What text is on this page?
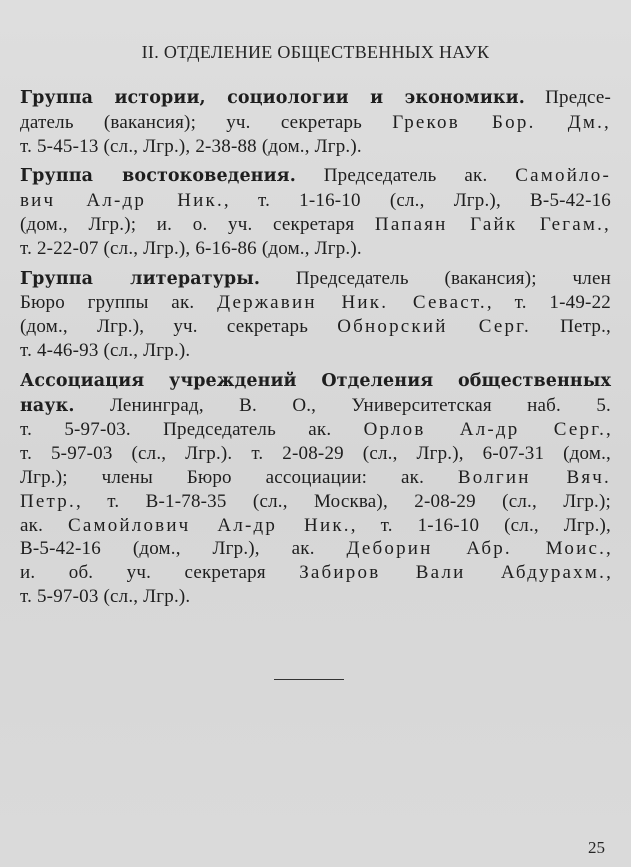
II. ОТДЕЛЕНИЕ ОБЩЕСТВЕННЫХ НАУК
Группа истории, социологии и экономики. Предсе-
датель (вакансия); уч. секретарь Греков Бор. Дм.,
т. 5-45-13 (сл., Лгр.), 2-38-88 (дом., Лгр.).
Группа востоковедения. Председатель ак. Самойло-
вич Ал-др Ник., т. 1-16-10 (сл., Лгр.), В-5-42-16
(дом., Лгр.); и. о. уч. секретаря Папаян Гайк Гегам.,
т. 2-22-07 (сл., Лгр.), 6-16-86 (дом., Лгр.).
Группа литературы. Председатель (вакансия); член
Бюро группы ак. Державин Ник. Севаст., т. 1-49-22
(дом., Лгр.), уч. секретарь Обнорский Серг. Петр.,
т. 4-46-93 (сл., Лгр.).
Ассоциация учреждений Отделения общественных
наук. Ленинград, В. О., Университетская наб. 5.
т. 5-97-03. Председатель ак. Орлов Ал-др Серг.,
т. 5-97-03 (сл., Лгр.). т. 2-08-29 (сл., Лгр.), 6-07-31 (дом.,
Лгр.); члены Бюро ассоциации: ак. Волгин Вяч.
Петр., т. В-1-78-35 (сл., Москва), 2-08-29 (сл., Лгр.);
ак. Самойлович Ал-др Ник., т. 1-16-10 (сл., Лгр.),
В-5-42-16 (дом., Лгр.), ак. Деборин Абр. Моис.,
и. об. уч. секретаря Забиров Вали Абдурахм.,
т. 5-97-03 (сл., Лгр.).
25
